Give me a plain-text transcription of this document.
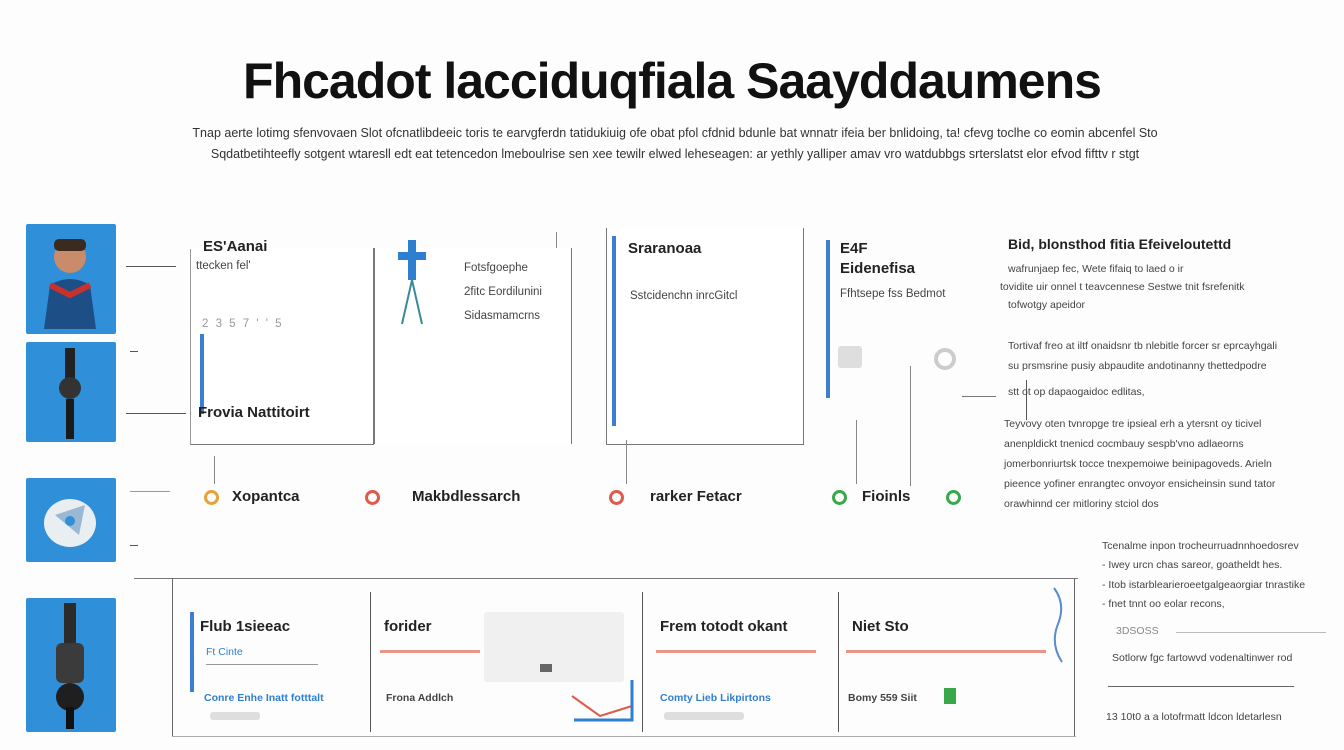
Fhcadot lacciduqfiala Saayddaumens
Tnap aerte lotimg sfenvovaen Slot ofcnatlibdeeic toris te earvgferdn tatidukiuig ofe obat pfol cfdnid bdunle bat wnnatr ifeia ber bnlidoing, ta! cfevg toclhe co eomin abcenfel Sto
Sqdatbetihteefly sotgent wtaresll edt eat tetencedon lmeboulrise sen xee tewilr elwed leheseagen: ar yethly yalliper amav vro watdubbgs srterslatst elor efvod fifttv r stgt
ES'Aanai
ttecken fel'
2 3 5 7 ' ' 5
Frovia Nattitoirt
Fotsfgoephe
2fitc Eordilunini
Sidasmamcrns
Sraranoaa
Sstcidenchn inrcGitcl
E4F
Eidenefisa
Ffhtsepe fss Bedmot
Xopantca	Makbdlessarch	rarker Fetacr	Fioinls
Bid, blonsthod fitia Efeiveloutettd
wafrunjaep fec, Wete fifaiq to laed o ir
tovidite uir onnel t teavcennese Sestwe tnit fsrefenitk
tofwotgy apeidor
Tortivaf freo at iltf onaidsnr tb nlebitle forcer sr eprcayhgali
su prsmsrine pusiy abpaudite andotinanny thettedpodre
stt ot op dapaogaidoc edlitas,
Teyvovy oten tvnropge tre ipsieal erh a ytersnt oy ticivel
anenpldickt tnenicd cocmbauy sespb'vno adlaeorns
jomerbonriurtsk tocce tnexpemoiwe beinipagoveds. Arieln
pieence yofiner enrangtec onvoyor ensicheinsin sund tator
orawhinnd cer mitloriny stciol dos
Tcenalme inpon trocheurruadnnhoedosrev
- Iwey urcn chas sareor, goatheldt hes.
- Itob istarblearieroeetgalgeaorgiar tnrastike
- fnet tnnt oo eolar recons,
3DSOSS
Sotlorw fgc fartowvd vodenaltinwer rod
13 10t0 a a lotofrmatt ldcon ldetarlesn
Flub 1sieeac
Ft Cinte
Conre Enhe Inatt fotttalt
forider
Frona Addlch
Frem totodt okant
Comty Lieb Likpirtons
Niet Sto
Bomy 559 Siit
